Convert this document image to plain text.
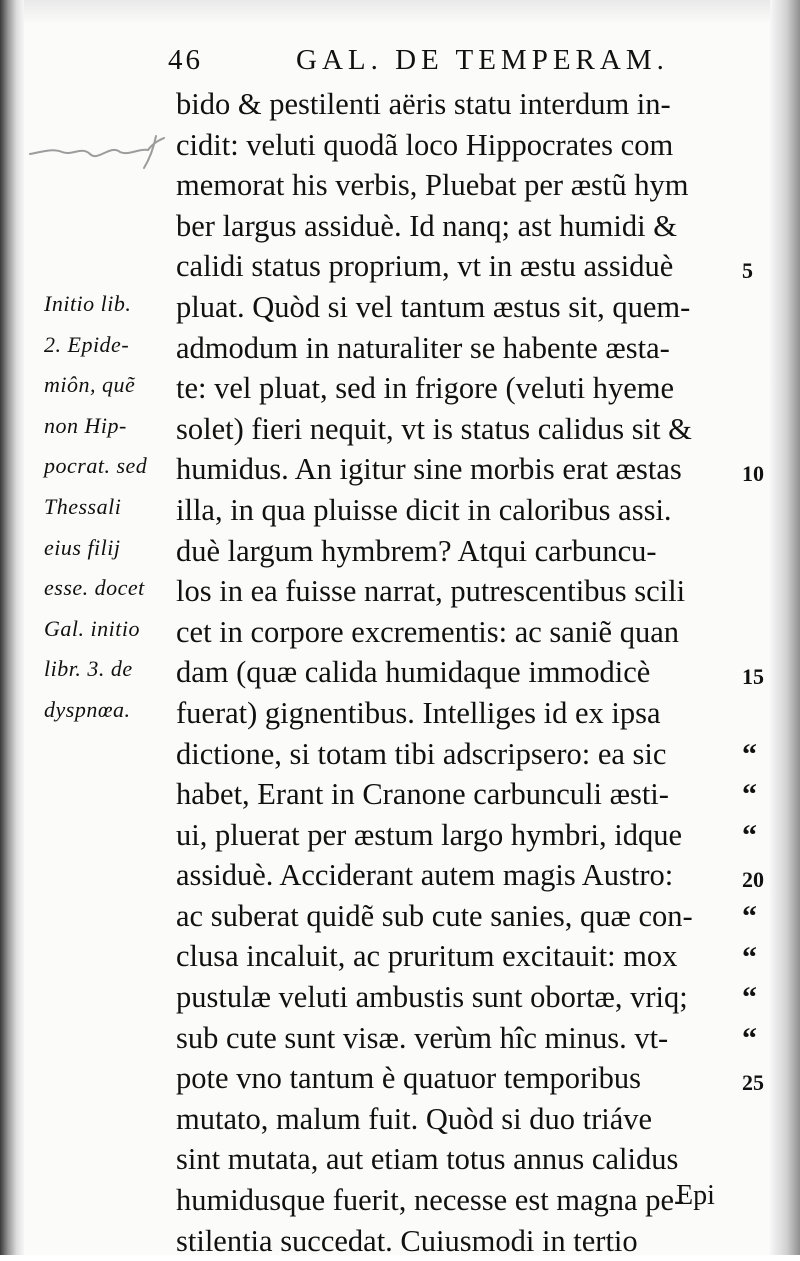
46	GAL. DE TEMPERAM.
bido & pestilenti aëris statu interdum in-
cidit: veluti quodã loco Hippocrates com
memorat his verbis, Pluebat per æstũ hym
ber largus assiduè. Id nanq; ast humidi &
calidi status proprium, vt in æstu assiduè
pluat. Quòd si vel tantum æstus sit, quem-
admodum in naturaliter se habente æsta-
te: vel pluat, sed in frigore (veluti hyeme
solet) fieri nequit, vt is status calidus sit &
humidus. An igitur sine morbis erat æstas
illa, in qua pluisse dicit in caloribus assi.
duè largum hymbrem? Atqui carbuncu-
los in ea fuisse narrat, putrescentibus scili
cet in corpore excrementis: ac saniẽ quan
dam (quæ calida humidaque immodicè
fuerat) gignentibus. Intelliges id ex ipsa
dictione, si totam tibi adscripsero: ea sic
habet, Erant in Cranone carbunculi æsti-
ui, pluerat per æstum largo hymbri, idque
assiduè. Acciderant autem magis Austro:
ac suberat quidẽ sub cute sanies, quæ con-
clusa incaluit, ac pruritum excitauit: mox
pustulæ veluti ambustis sunt obortæ, vriq;
sub cute sunt visæ. verùm hîc minus. vt-
pote vno tantum è quatuor temporibus
mutato, malum fuit. Quòd si duo triáve
sint mutata, aut etiam totus annus calidus
humidusque fuerit, necesse est magna pe-
stilentia succedat. Cuiusmodi in tertio
Initio lib.
2. Epide-
miôn, quẽ
non Hip-
pocrat. sed
Thessali
eius filij
esse. docet
Gal. initio
libr. 3. de
dyspnœa.
5
10
15
20
25
“
“
“
“
“
“
“
Epi
